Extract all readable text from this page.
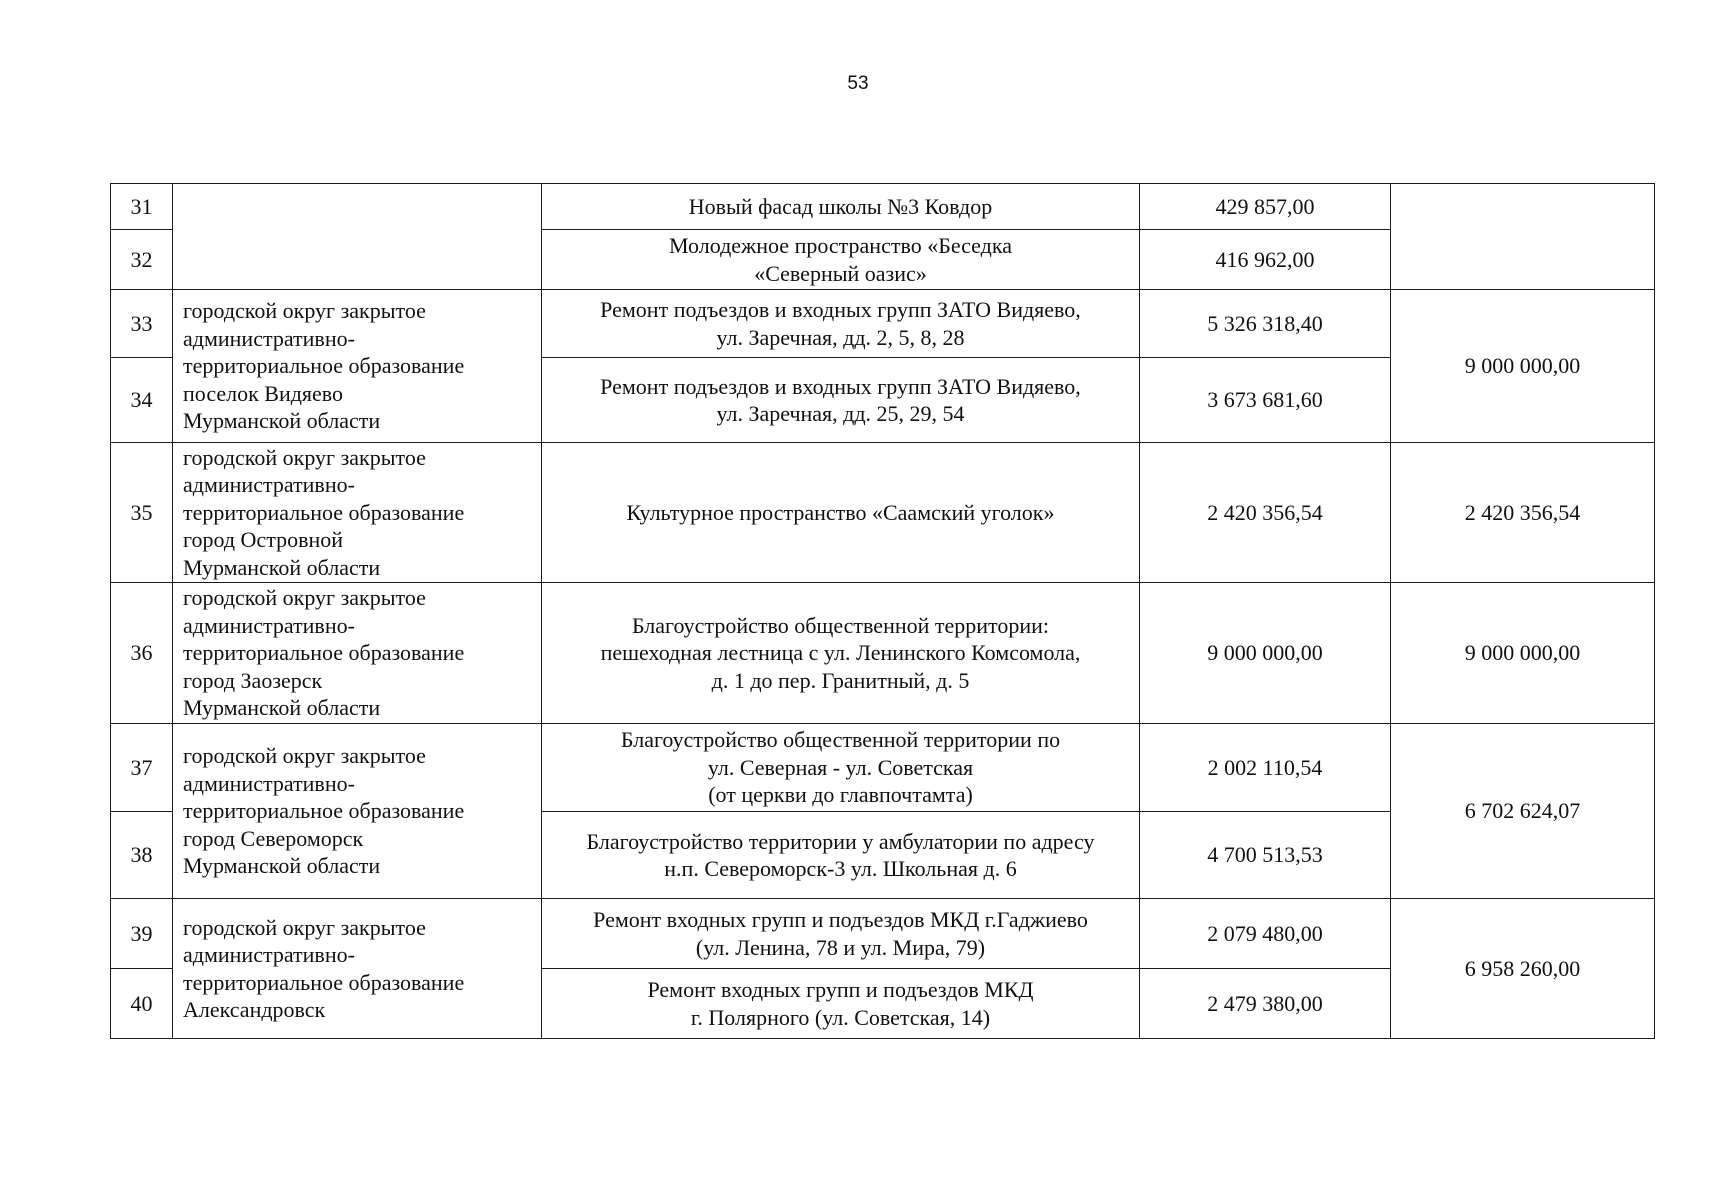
53
31		Новый фасад школы №3 Ковдор	429 857,00	
32		Молодежное пространство «Беседка
«Северный оазис»	416 962,00	
33	городской округ закрытое
административно-
территориальное образование
поселок Видяево
Мурманской области	Ремонт подъездов и входных групп ЗАТО Видяево,
ул. Заречная, дд. 2, 5, 8, 28	5 326 318,40	9 000 000,00
34		Ремонт подъездов и входных групп ЗАТО Видяево,
ул. Заречная, дд. 25, 29, 54	3 673 681,60	
35	городской округ закрытое
административно-
территориальное образование
город Островной
Мурманской области	Культурное пространство «Саамский уголок»	2 420 356,54	2 420 356,54
36	городской округ закрытое
административно-
территориальное образование
город Заозерск
Мурманской области	Благоустройство общественной территории:
пешеходная лестница с ул. Ленинского Комсомола,
д. 1 до пер. Гранитный, д. 5	9 000 000,00	9 000 000,00
37	городской округ закрытое
административно-
территориальное образование
город Североморск
Мурманской области	Благоустройство общественной территории по
ул. Северная - ул. Советская
(от церкви до главпочтамта)	2 002 110,54	6 702 624,07
38		Благоустройство территории у амбулатории по адресу
н.п. Североморск-3 ул. Школьная д. 6	4 700 513,53	
39	городской округ закрытое
административно-
территориальное образование
Александровск	Ремонт входных групп и подъездов МКД г.Гаджиево
(ул. Ленина, 78 и ул. Мира, 79)	2 079 480,00	6 958 260,00
40		Ремонт входных групп и подъездов МКД
г. Полярного (ул. Советская, 14)	2 479 380,00	
